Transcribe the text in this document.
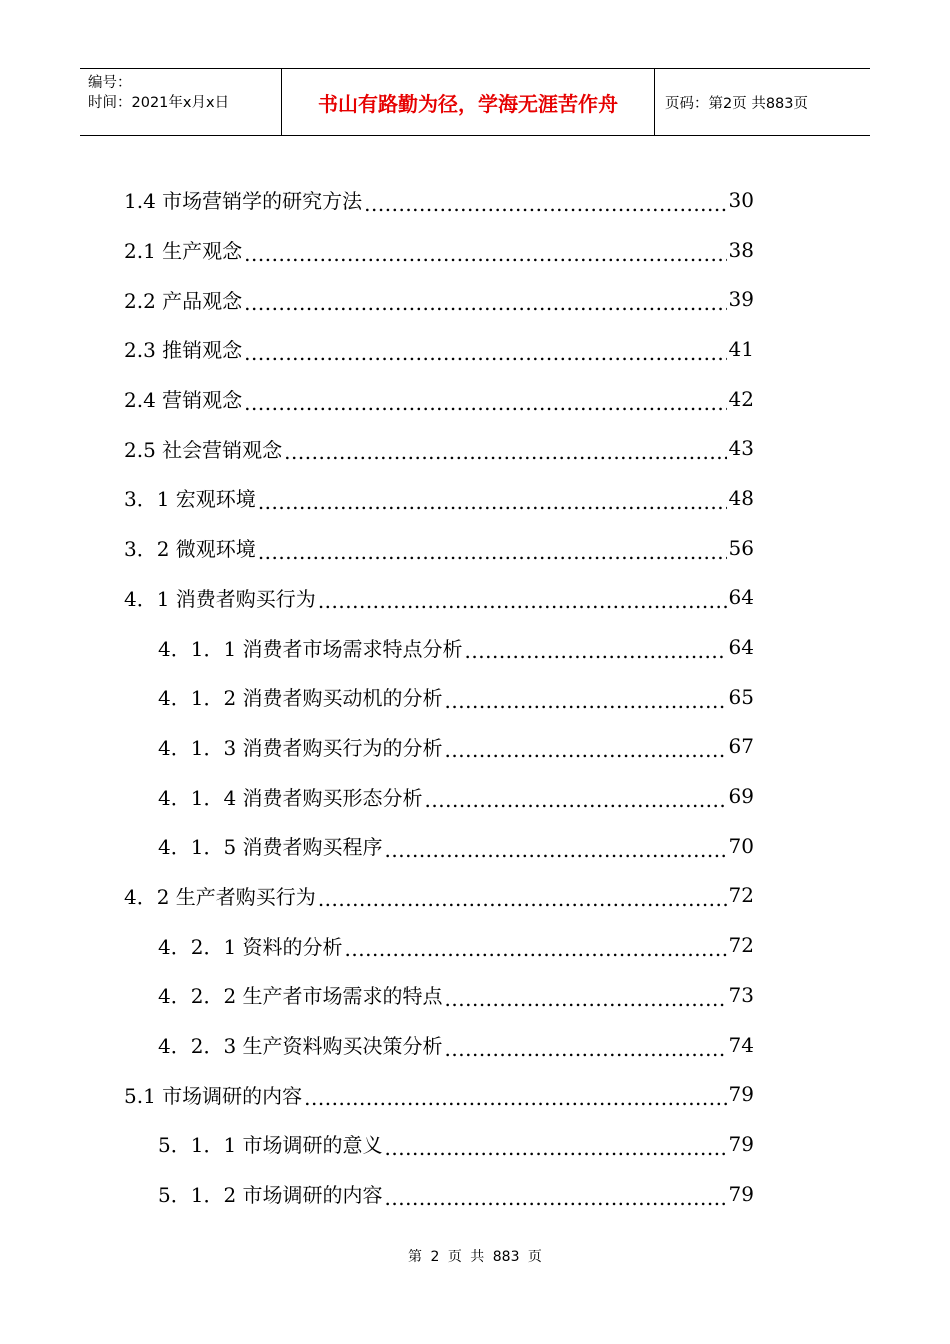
编号：
时间：2021年x月x日	书山有路勤为径，学海无涯苦作舟	页码：第2页 共883页
1.4 市场营销学的研究方法 .....	30
2.1 生产观念 .....	38
2.2 产品观念 .....	39
2.3 推销观念 .....	41
2.4 营销观念 .....	42
2.5 社会营销观念 .....	43
3．1 宏观环境 .....	48
3．2 微观环境 .....	56
4．1 消费者购买行为 .....	64
4．1．1 消费者市场需求特点分析 .....	64
4．1．2 消费者购买动机的分析 .....	65
4．1．3 消费者购买行为的分析 .....	67
4．1．4 消费者购买形态分析 .....	69
4．1．5 消费者购买程序 .....	70
4．2 生产者购买行为 .....	72
4．2．1 资料的分析 .....	72
4．2．2 生产者市场需求的特点 .....	73
4．2．3 生产资料购买决策分析 .....	74
5.1 市场调研的内容 .....	79
5．1．1 市场调研的意义 .....	79
5．1．2 市场调研的内容 .....	79
第 2 页 共 883 页
